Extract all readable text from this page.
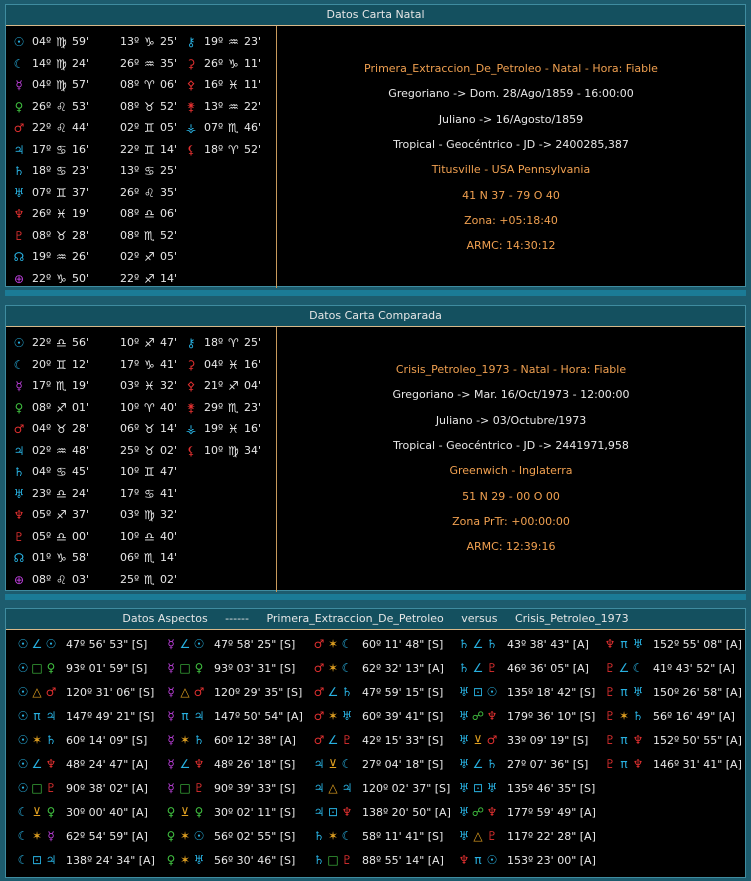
Datos Carta Natal
☉ 04º ♍ 59'
☾ 14º ♍ 24'
☿ 04º ♍ 57'
♀ 26º ♌ 53'
♂ 22º ♌ 44'
♃ 17º ♋ 16'
♄ 18º ♋ 23'
♅ 07º ♊ 37'
♆ 26º ♓ 19'
♇ 08º ♉ 28'
☊ 19º ♒ 26'
⊕ 22º ♑ 50'
13º ♑ 25'
26º ♒ 35'
08º ♈ 06'
08º ♉ 52'
02º ♊ 05'
22º ♊ 14'
13º ♋ 25'
26º ♌ 35'
08º ♎ 06'
08º ♏ 52'
02º ♐ 05'
22º ♐ 14'
⚷ 19º ♒ 23'
⚳ 26º ♑ 11'
⚴ 16º ♓ 11'
⚵ 13º ♒ 22'
⚶ 07º ♏ 46'
⚸ 18º ♈ 52'
Primera_Extraccion_De_Petroleo - Natal - Hora: Fiable
Gregoriano -> Dom. 28/Ago/1859 - 16:00:00
Juliano -> 16/Agosto/1859
Tropical - Geocéntrico - JD -> 2400285,387
Titusville - USA Pennsylvania
41 N 37 - 79 O 40
Zona: +05:18:40
ARMC: 14:30:12
Datos Carta Comparada
☉ 22º ♎ 56'
☾ 20º ♊ 12'
☿ 17º ♏ 19'
♀ 08º ♐ 01'
♂ 04º ♉ 28'
♃ 02º ♒ 48'
♄ 04º ♋ 45'
♅ 23º ♎ 24'
♆ 05º ♐ 37'
♇ 05º ♎ 00'
☊ 01º ♑ 58'
⊕ 08º ♌ 03'
10º ♐ 47'
17º ♑ 41'
03º ♓ 32'
10º ♈ 40'
06º ♉ 14'
25º ♉ 02'
10º ♊ 47'
17º ♋ 41'
03º ♍ 32'
10º ♎ 40'
06º ♏ 14'
25º ♏ 02'
⚷ 18º ♈ 25'
⚳ 04º ♓ 16'
⚴ 21º ♐ 04'
⚵ 29º ♏ 23'
⚶ 19º ♓ 16'
⚸ 10º ♍ 34'
Crisis_Petroleo_1973 - Natal - Hora: Fiable
Gregoriano -> Mar. 16/Oct/1973 - 12:00:00
Juliano -> 03/Octubre/1973
Tropical - Geocéntrico - JD -> 2441971,958
Greenwich - Inglaterra
51 N 29 - 00 O 00
Zona PrTr: +00:00:00
ARMC: 12:39:16
Datos Aspectos     ------     Primera_Extraccion_De_Petroleo     versus     Crisis_Petroleo_1973
☉ ∠ ☉ 47º 56' 53" [S]
☉ □ ♀ 93º 01' 59" [S]
☉ △ ♂ 120º 31' 06" [S]
☉ π ♃ 147º 49' 21" [S]
☉ ✶ ♄ 60º 14' 09" [S]
☉ ∠ ♆ 48º 24' 47" [A]
☉ □ ♇ 90º 38' 02" [A]
☾ ⊻ ♀ 30º 00' 40" [A]
☾ ✶ ☿ 62º 54' 59" [A]
☾ ⊡ ♃ 138º 24' 34" [A]
☿ ∠ ☉ 47º 58' 25" [S]
☿ □ ♀ 93º 03' 31" [S]
☿ △ ♂ 120º 29' 35" [S]
☿ π ♃ 147º 50' 54" [A]
☿ ✶ ♄ 60º 12' 38" [A]
☿ ∠ ♆ 48º 26' 18" [S]
☿ □ ♇ 90º 39' 33" [S]
♀ ⊻ ♀ 30º 02' 11" [S]
♀ ✶ ☉ 56º 02' 55" [S]
♀ ✶ ♅ 56º 30' 46" [S]
♂ ✶ ☾ 60º 11' 48" [S]
♂ ✶ ☾ 62º 32' 13" [A]
♂ ∠ ♄ 47º 59' 15" [S]
♂ ✶ ♅ 60º 39' 41" [S]
♂ ∠ ♇ 42º 15' 33" [S]
♃ ⊻ ☾ 27º 04' 18" [S]
♃ △ ♃ 120º 02' 37" [S]
♃ ⊡ ♆ 138º 20' 50" [A]
♄ ✶ ☾ 58º 11' 41" [S]
♄ □ ♇ 88º 55' 14" [A]
♄ ∠ ♄ 43º 38' 43" [A]
♄ ∠ ♇ 46º 36' 05" [A]
♅ ⊡ ☉ 135º 18' 42" [S]
♅ ☍ ♆ 179º 36' 10" [S]
♅ ⊻ ♂ 33º 09' 19" [S]
♅ ∠ ♄ 27º 07' 36" [S]
♅ ⊡ ♅ 135º 46' 35" [S]
♅ ☍ ♆ 177º 59' 49" [A]
♅ △ ♇ 117º 22' 28" [A]
♆ π ☉ 153º 23' 00" [A]
♆ π ♅ 152º 55' 08" [A]
♇ ∠ ☾ 41º 43' 52" [A]
♇ π ♅ 150º 26' 58" [A]
♇ ✶ ♄ 56º 16' 49" [A]
♇ π ♆ 152º 50' 55" [A]
♇ π ♆ 146º 31' 41" [A]
